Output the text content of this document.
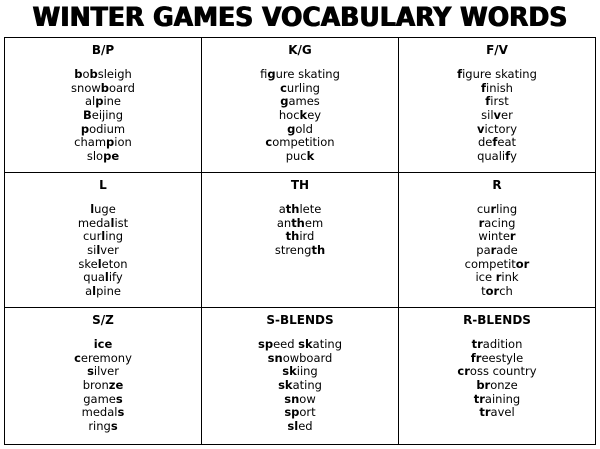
WINTER GAMES VOCABULARY WORDS
B/P
bobsleigh
snowboard
alpine
Beijing
podium
champion
slope
K/G
figure skating
curling
games
hockey
gold
competition
puck
F/V
figure skating
finish
first
silver
victory
defeat
qualify
L
luge
medalist
curling
silver
skeleton
qualify
alpine
TH
athlete
anthem
third
strength
R
curling
racing
winter
parade
competitor
ice rink
torch
S/Z
ice
ceremony
silver
bronze
games
medals
rings
S-BLENDS
speed skating
snowboard
skiing
skating
snow
sport
sled
R-BLENDS
tradition
freestyle
cross country
bronze
training
travel
